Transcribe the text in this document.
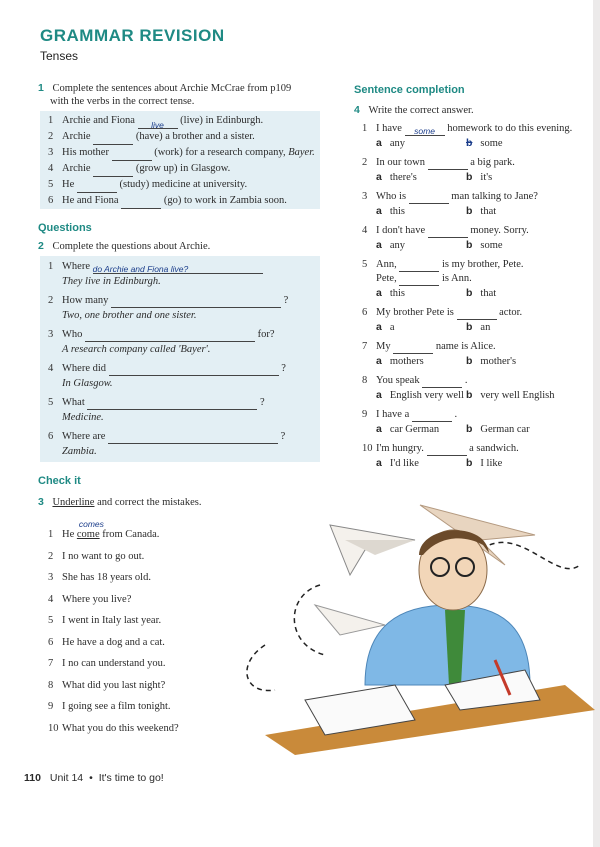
GRAMMAR REVISION
Tenses
1 Complete the sentences about Archie McCrae from p109
with the verbs in the correct tense.
1 Archie and Fiona live (live) in Edinburgh.
2 Archie	(have) a brother and a sister.
3 His mother	(work) for a research company, Bayer.
4 Archie	(grow up) in Glasgow.
5 He	(study) medicine at university.
6 He and Fiona	(go) to work in Zambia soon.
Questions
2 Complete the questions about Archie.
1 Where do Archie and Fiona live?
They live in Edinburgh.
2 How many	?
Two, one brother and one sister.
3 Who	for?
A research company called 'Bayer'.
4 Where did	?
In Glasgow.
5 What	?
Medicine.
6 Where are	?
Zambia.
Check it
3 Underline and correct the mistakes.
1 He come
comes
from Canada.
2 I no want to go out.
3 She has 18 years old.
4 Where you live?
5 I went in Italy last year.
6 He have a dog and a cat.
7 I no can understand you.
8 What did you last night?
9 I going see a film tonight.
10 What you do this weekend?
Sentence completion
4 Write the correct answer.
1 I have some homework to do this evening.
a any	b some
2 In our town	a big park.
a there's	b it's
3 Who is	man talking to Jane?
a this	b that
4 I don't have	money. Sorry.
a any	b some
5 Ann,	is my brother, Pete.
Pete,	is Ann.
a this	b that
6 My brother Pete is	actor.
a a	b an
7 My	name is Alice.
a mothers	b mother's
8 You speak	.
a English very well b very well English
9 I have a	.
a car German	b German car
10 I'm hungry.	a sandwich.
a I'd like	b I like
110 Unit 14 • It's time to go!
